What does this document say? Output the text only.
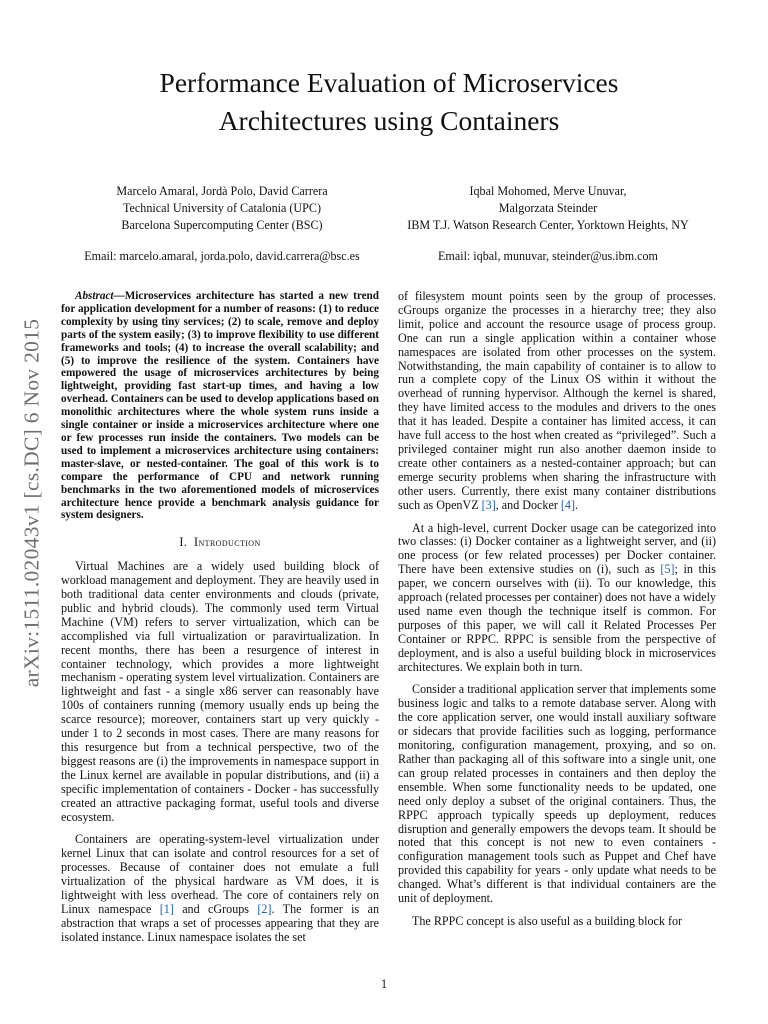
arXiv:1511.02043v1 [cs.DC] 6 Nov 2015
Performance Evaluation of Microservices
Architectures using Containers
Marcelo Amaral, Jordà Polo, David Carrera
Technical University of Catalonia (UPC)
Barcelona Supercomputing Center (BSC)
Iqbal Mohomed, Merve Unuvar,
Malgorzata Steinder
IBM T.J. Watson Research Center, Yorktown Heights, NY
Email: marcelo.amaral, jorda.polo, david.carrera@bsc.es	Email: iqbal, munuvar, steinder@us.ibm.com

Abstract—Microservices architecture has started a new trend for application development for a number of reasons: (1) to reduce complexity by using tiny services; (2) to scale, remove and deploy parts of the system easily; (3) to improve flexibility to use different frameworks and tools; (4) to increase the overall scalability; and (5) to improve the resilience of the system. Containers have empowered the usage of microservices architectures by being lightweight, providing fast start-up times, and having a low overhead. Containers can be used to develop applications based on monolithic architectures where the whole system runs inside a single container or inside a microservices architecture where one or few processes run inside the containers. Two models can be used to implement a microservices architecture using containers: master-slave, or nested-container. The goal of this work is to compare the performance of CPU and network running benchmarks in the two aforementioned models of microservices architecture hence provide a benchmark analysis guidance for system designers.

I. Introduction

Virtual Machines are a widely used building block of workload management and deployment. They are heavily used in both traditional data center environments and clouds (private, public and hybrid clouds). The commonly used term Virtual Machine (VM) refers to server virtualization, which can be accomplished via full virtualization or paravirtualization. In recent months, there has been a resurgence of interest in container technology, which provides a more lightweight mechanism - operating system level virtualization. Containers are lightweight and fast - a single x86 server can reasonably have 100s of containers running (memory usually ends up being the scarce resource); moreover, containers start up very quickly - under 1 to 2 seconds in most cases. There are many reasons for this resurgence but from a technical perspective, two of the biggest reasons are (i) the improvements in namespace support in the Linux kernel are available in popular distributions, and (ii) a specific implementation of containers - Docker - has successfully created an attractive packaging format, useful tools and diverse ecosystem.

Containers are operating-system-level virtualization under kernel Linux that can isolate and control resources for a set of processes. Because of container does not emulate a full virtualization of the physical hardware as VM does, it is lightweight with less overhead. The core of containers rely on Linux namespace [1] and cGroups [2]. The former is an abstraction that wraps a set of processes appearing that they are isolated instance. Linux namespace isolates the set

of filesystem mount points seen by the group of processes. cGroups organize the processes in a hierarchy tree; they also limit, police and account the resource usage of process group. One can run a single application within a container whose namespaces are isolated from other processes on the system. Notwithstanding, the main capability of container is to allow to run a complete copy of the Linux OS within it without the overhead of running hypervisor. Although the kernel is shared, they have limited access to the modules and drivers to the ones that it has leaded. Despite a container has limited access, it can have full access to the host when created as “privileged”. Such a privileged container might run also another daemon inside to create other containers as a nested-container approach; but can emerge security problems when sharing the infrastructure with other users. Currently, there exist many container distributions such as OpenVZ [3], and Docker [4].

At a high-level, current Docker usage can be categorized into two classes: (i) Docker container as a lightweight server, and (ii) one process (or few related processes) per Docker container. There have been extensive studies on (i), such as [5]; in this paper, we concern ourselves with (ii). To our knowledge, this approach (related processes per container) does not have a widely used name even though the technique itself is common. For purposes of this paper, we will call it Related Processes Per Container or RPPC. RPPC is sensible from the perspective of deployment, and is also a useful building block in microservices architectures. We explain both in turn.

Consider a traditional application server that implements some business logic and talks to a remote database server. Along with the core application server, one would install auxiliary software or sidecars that provide facilities such as logging, performance monitoring, configuration management, proxying, and so on. Rather than packaging all of this software into a single unit, one can group related processes in containers and then deploy the ensemble. When some functionality needs to be updated, one need only deploy a subset of the original containers. Thus, the RPPC approach typically speeds up deployment, reduces disruption and generally empowers the devops team. It should be noted that this concept is not new to even containers - configuration management tools such as Puppet and Chef have provided this capability for years - only update what needs to be changed. What’s different is that individual containers are the unit of deployment.

The RPPC concept is also useful as a building block for

1
